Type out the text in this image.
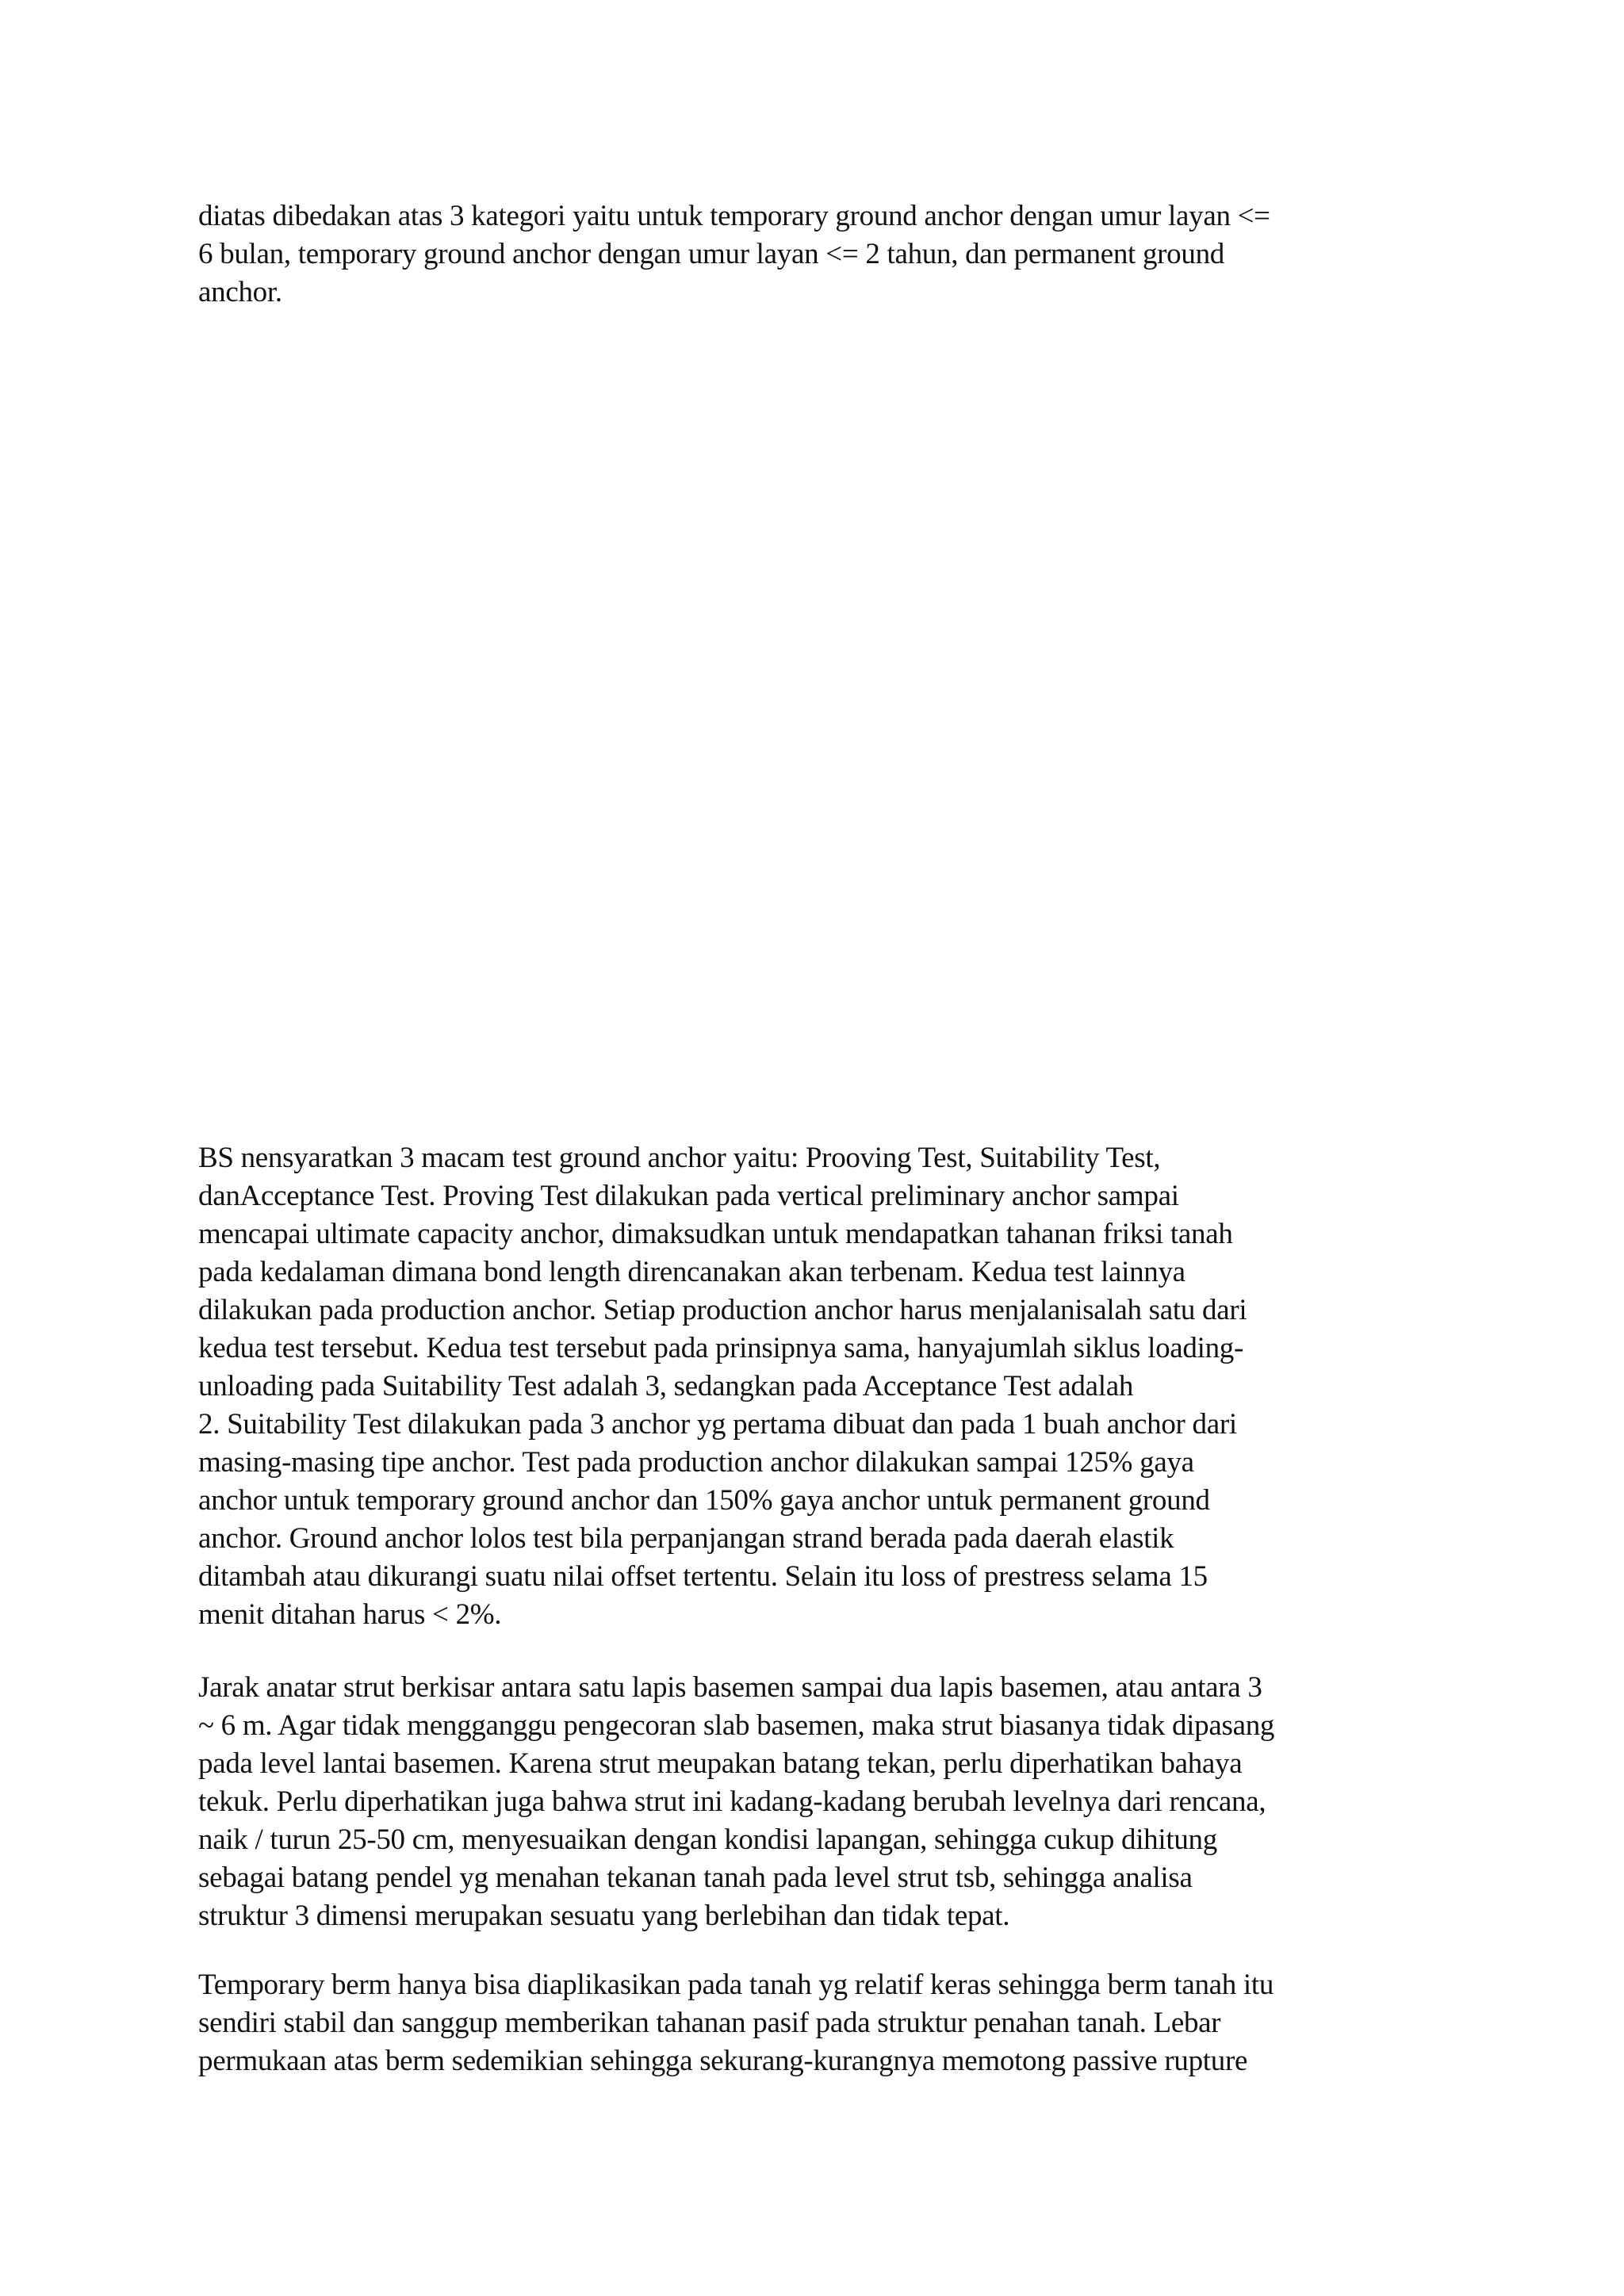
diatas dibedakan atas 3 kategori yaitu untuk temporary ground anchor dengan umur layan <=

6 bulan, temporary ground anchor dengan umur layan <= 2 tahun, dan permanent ground

anchor.

BS nensyaratkan 3 macam test ground anchor yaitu: Prooving Test, Suitability Test,

danAcceptance Test. Proving Test dilakukan pada vertical preliminary anchor sampai

mencapai ultimate capacity anchor, dimaksudkan untuk mendapatkan tahanan friksi tanah

pada kedalaman dimana bond length direncanakan akan terbenam. Kedua test lainnya

dilakukan pada production anchor. Setiap production anchor harus menjalanisalah satu dari

kedua test tersebut. Kedua test tersebut pada prinsipnya sama, hanyajumlah siklus loading-

unloading pada Suitability Test adalah 3, sedangkan pada Acceptance Test adalah

2. Suitability Test dilakukan pada 3 anchor yg pertama dibuat dan pada 1 buah anchor dari

masing-masing tipe anchor. Test pada production anchor dilakukan sampai 125% gaya

anchor untuk temporary ground anchor dan 150% gaya anchor untuk permanent ground

anchor. Ground anchor lolos test bila perpanjangan strand berada pada daerah elastik

ditambah atau dikurangi suatu nilai offset tertentu. Selain itu loss of prestress selama 15

menit ditahan harus < 2%.

Jarak anatar strut berkisar antara satu lapis basemen sampai dua lapis basemen, atau antara 3

~ 6 m. Agar tidak mengganggu pengecoran slab basemen, maka strut biasanya tidak dipasang

pada level lantai basemen. Karena strut meupakan batang tekan, perlu diperhatikan bahaya

tekuk. Perlu diperhatikan juga bahwa strut ini kadang-kadang berubah levelnya dari rencana,

naik / turun 25-50 cm, menyesuaikan dengan kondisi lapangan, sehingga cukup dihitung

sebagai batang pendel yg menahan tekanan tanah pada level strut tsb, sehingga analisa

struktur 3 dimensi merupakan sesuatu yang berlebihan dan tidak tepat.

Temporary berm hanya bisa diaplikasikan pada tanah yg relatif keras sehingga berm tanah itu

sendiri stabil dan sanggup memberikan tahanan pasif pada struktur penahan tanah. Lebar

permukaan atas berm sedemikian sehingga sekurang-kurangnya memotong passive rupture
